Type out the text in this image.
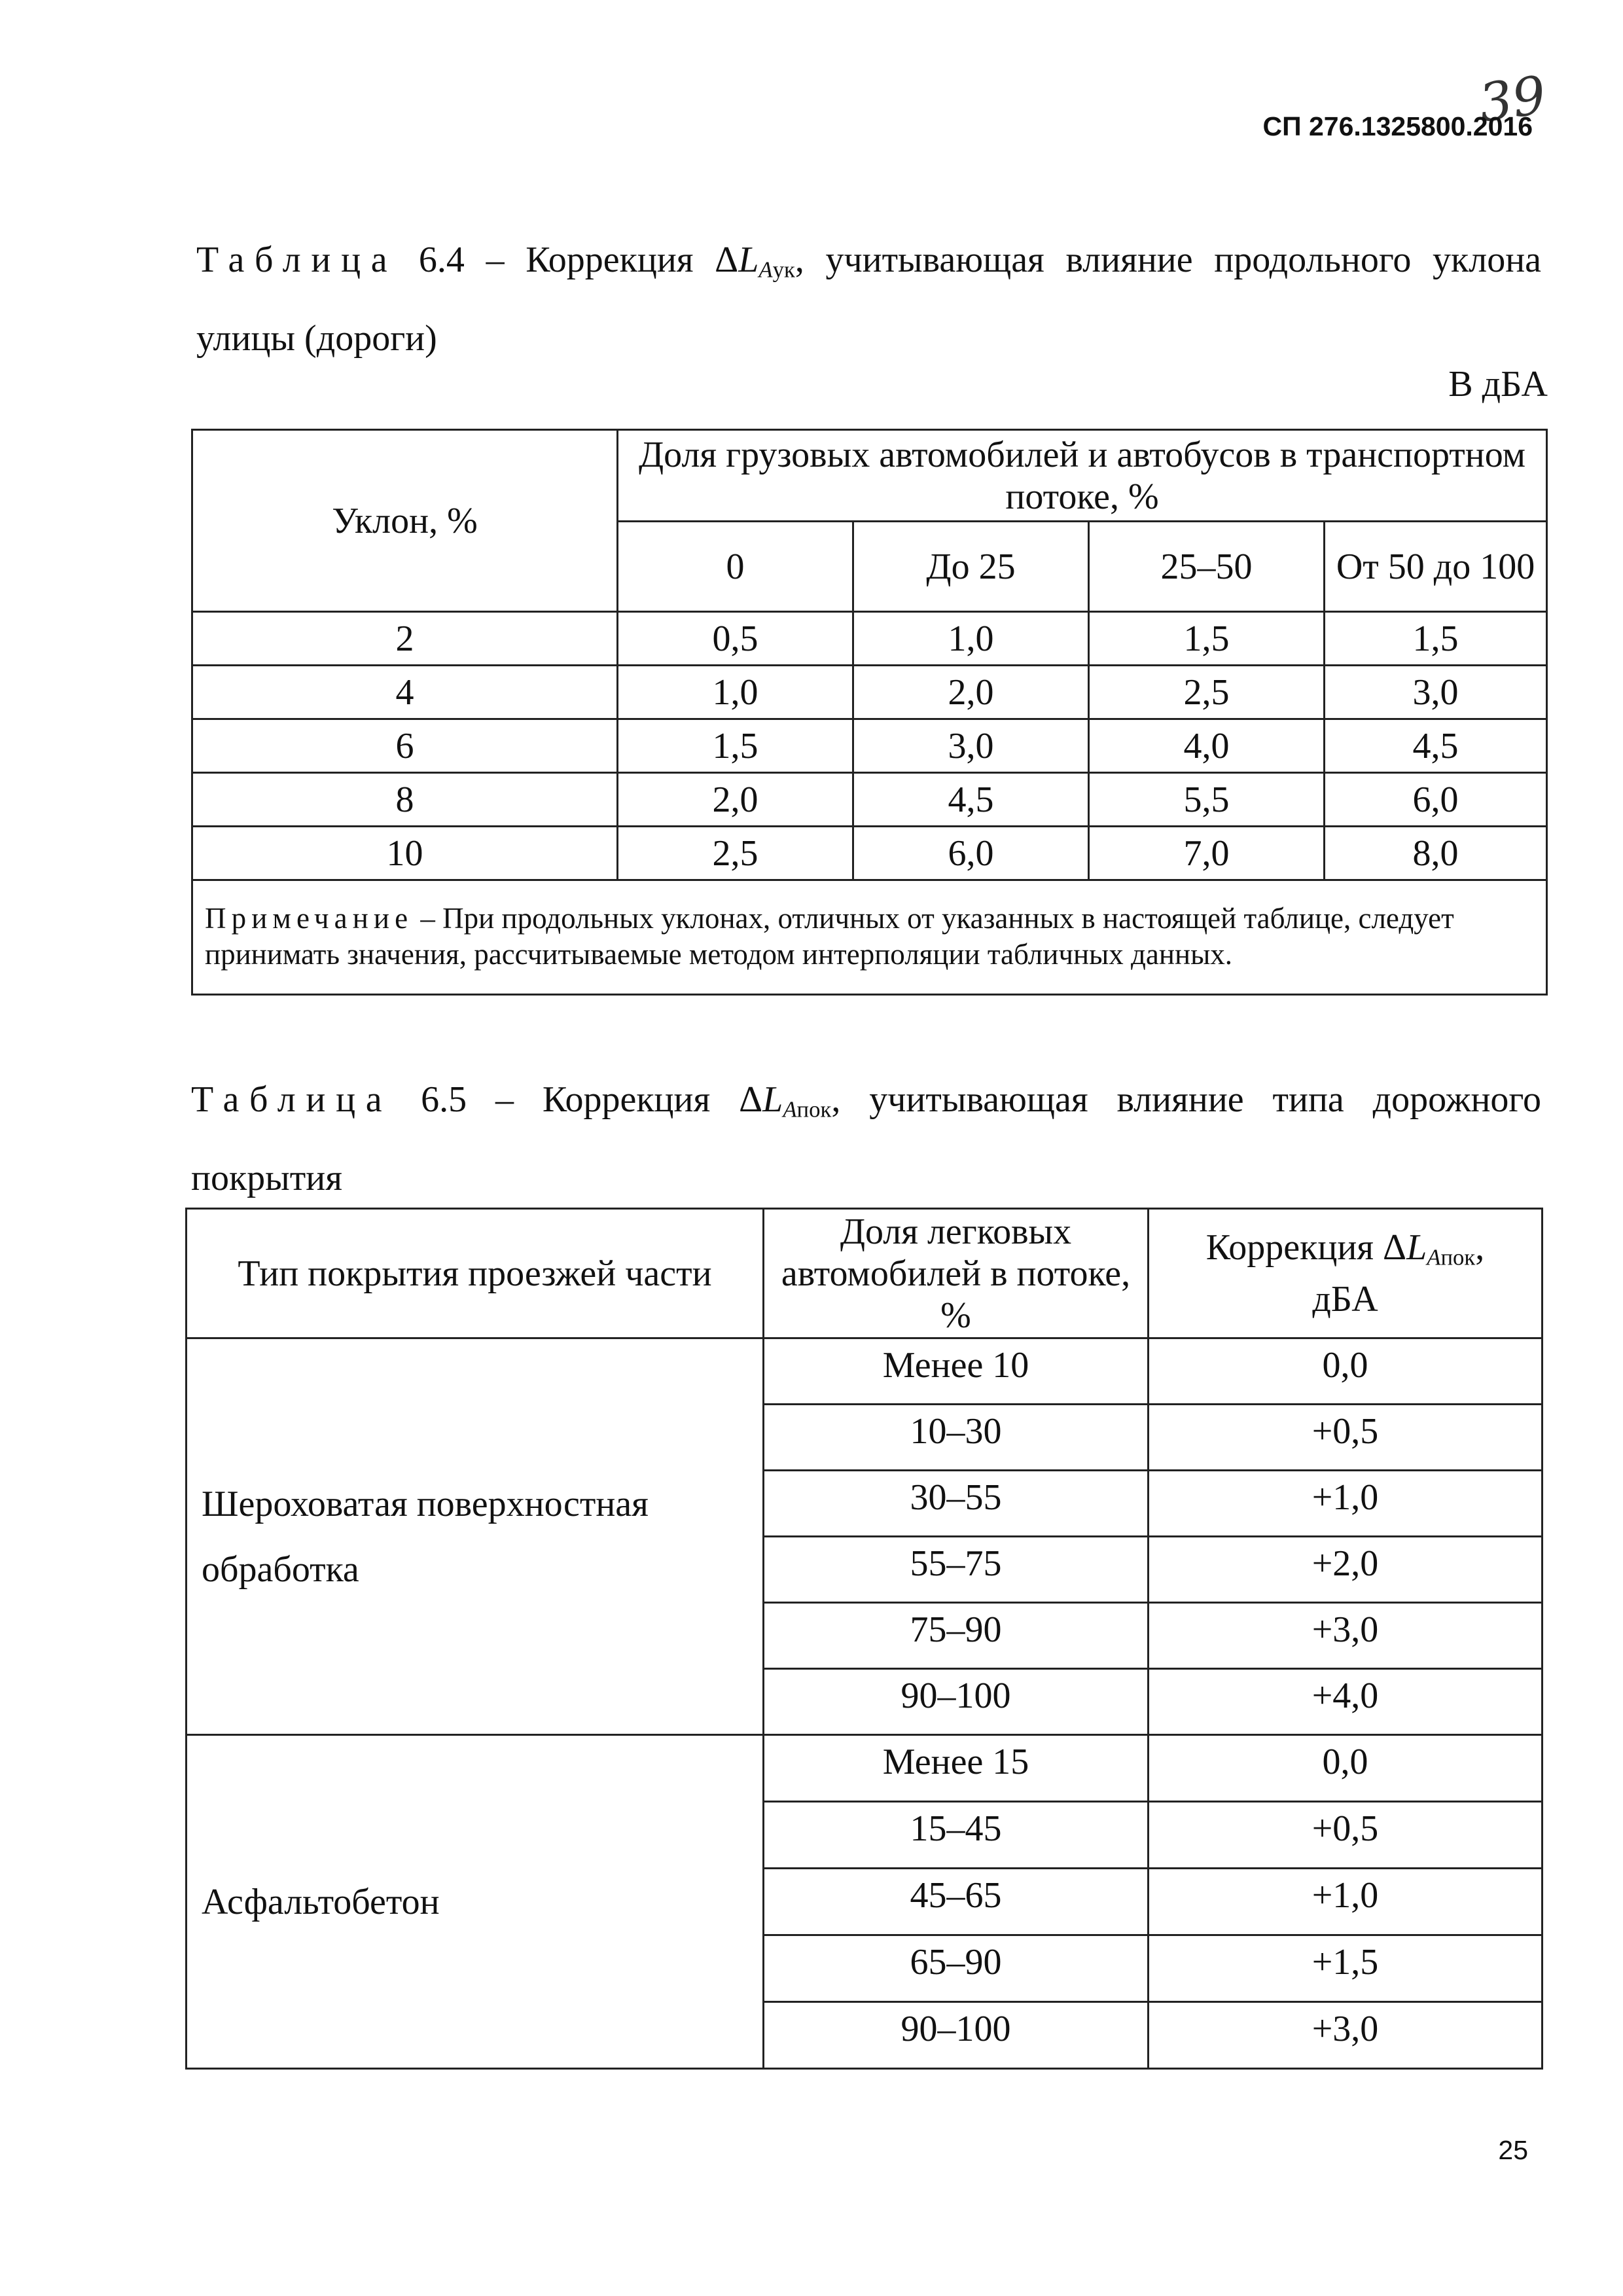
39
СП 276.1325800.2016
Таблица 6.4 – Коррекция $\Delta L_{Aук}$, учитывающая влияние продольного уклона улицы (дороги)
В дБА
Уклон, %	Доля грузовых автомобилей и автобусов в транспортном потоке, %			
	0	До 25	25–50	От 50 до 100
2	0,5	1,0	1,5	1,5
4	1,0	2,0	2,5	3,0
6	1,5	3,0	4,0	4,5
8	2,0	4,5	5,5	6,0
10	2,5	6,0	7,0	8,0
Примечание – При продольных уклонах, отличных от указанных в настоящей таблице, следует принимать значения, рассчитываемые методом интерполяции табличных данных.				
Таблица 6.5 – Коррекция $\Delta L_{Aпок}$, учитывающая влияние типа дорожного покрытия
Тип покрытия проезжей части	Доля легковых автомобилей в потоке, %	Коррекция $\Delta L_{Aпок}$,
дБА
Шероховатая поверхностная обработка	Менее 10	0,0
	10–30	+0,5
	30–55	+1,0
	55–75	+2,0
	75–90	+3,0
	90–100	+4,0
Асфальтобетон	Менее 15	0,0
	15–45	+0,5
	45–65	+1,0
	65–90	+1,5
	90–100	+3,0
25
